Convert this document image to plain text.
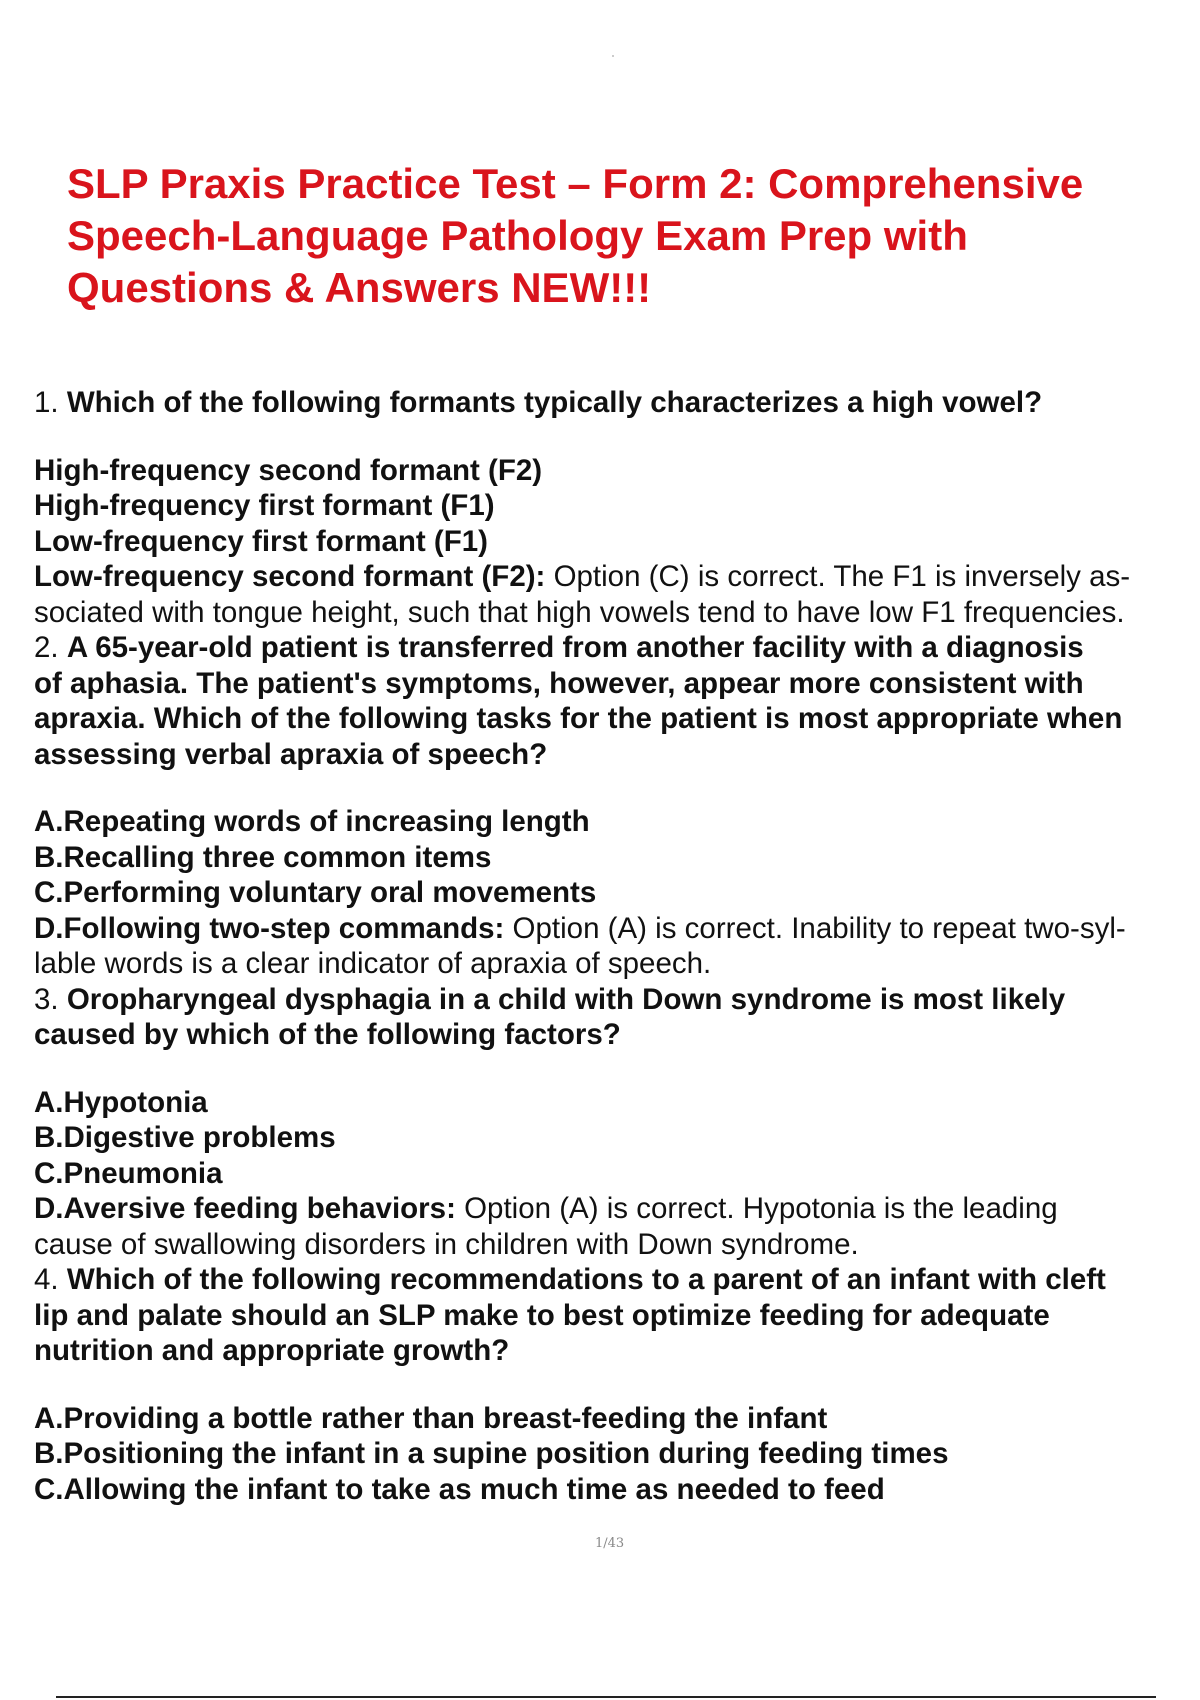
SLP Praxis Practice Test – Form 2: Comprehensive
Speech-Language Pathology Exam Prep with
Questions & Answers NEW!!!
1. Which of the following formants typically characterizes a high vowel?
High-frequency second formant (F2)
High-frequency first formant (F1)
Low-frequency first formant (F1)
Low-frequency second formant (F2): Option (C) is correct. The F1 is inversely as-
sociated with tongue height, such that high vowels tend to have low F1 frequencies.
2. A 65-year-old patient is transferred from another facility with a diagnosis
of aphasia. The patient's symptoms, however, appear more consistent with
apraxia. Which of the following tasks for the patient is most appropriate when
assessing verbal apraxia of speech?
A.Repeating words of increasing length
B.Recalling three common items
C.Performing voluntary oral movements
D.Following two-step commands: Option (A) is correct. Inability to repeat two-syl-
lable words is a clear indicator of apraxia of speech.
3. Oropharyngeal dysphagia in a child with Down syndrome is most likely
caused by which of the following factors?
A.Hypotonia
B.Digestive problems
C.Pneumonia
D.Aversive feeding behaviors: Option (A) is correct. Hypotonia is the leading
cause of swallowing disorders in children with Down syndrome.
4. Which of the following recommendations to a parent of an infant with cleft
lip and palate should an SLP make to best optimize feeding for adequate
nutrition and appropriate growth?
A.Providing a bottle rather than breast-feeding the infant
B.Positioning the infant in a supine position during feeding times
C.Allowing the infant to take as much time as needed to feed
1/43
